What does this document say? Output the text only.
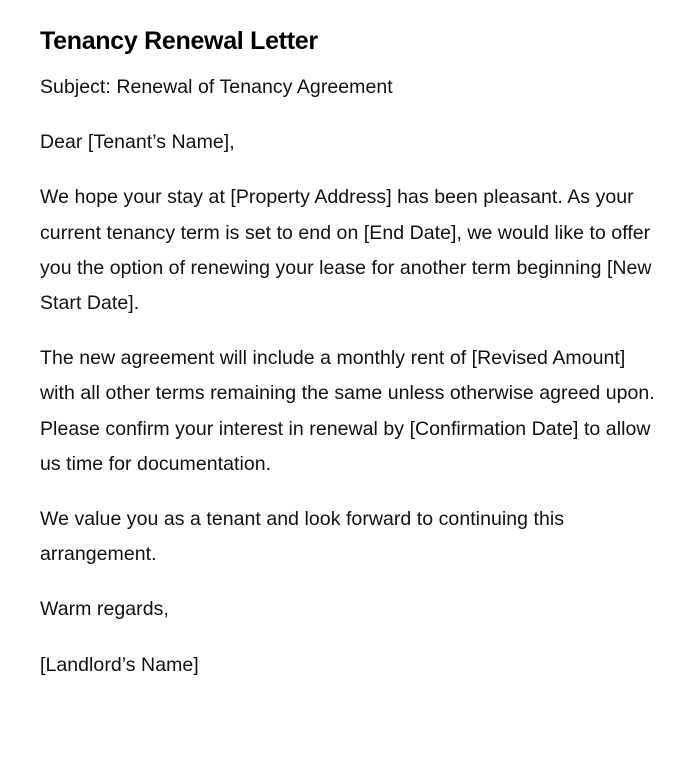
Tenancy Renewal Letter

Subject: Renewal of Tenancy Agreement

Dear [Tenant’s Name],

We hope your stay at [Property Address] has been pleasant. As your current tenancy term is set to end on [End Date], we would like to offer you the option of renewing your lease for another term beginning [New Start Date].

The new agreement will include a monthly rent of [Revised Amount] with all other terms remaining the same unless otherwise agreed upon. Please confirm your interest in renewal by [Confirmation Date] to allow us time for documentation.

We value you as a tenant and look forward to continuing this arrangement.

Warm regards,

[Landlord’s Name]
